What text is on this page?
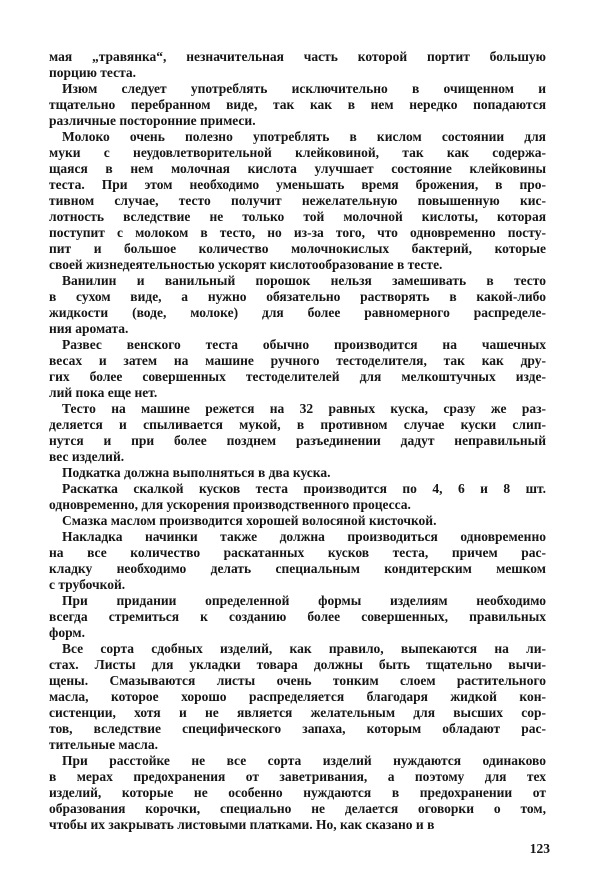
мая „травянка“, незначительная часть которой портит большую
порцию теста.
Изюм следует употреблять исключительно в очищенном и
тщательно перебранном виде, так как в нем нередко попадаются
различные посторонние примеси.
Молоко очень полезно употреблять в кислом состоянии для
муки с неудовлетворительной клейковиной, так как содержа-
щаяся в нем молочная кислота улучшает состояние клейковины
теста. При этом необходимо уменьшать время брожения, в про-
тивном случае, тесто получит нежелательную повышенную кис-
лотность вследствие не только той молочной кислоты, которая
поступит с молоком в тесто, но из-за того, что одновременно посту-
пит и большое количество молочнокислых бактерий, которые
своей жизнедеятельностью ускорят кислотообразование в тесте.
Ванилин и ванильный порошок нельзя замешивать в тесто
в сухом виде, а нужно обязательно растворять в какой-либо
жидкости (воде, молоке) для более равномерного распределе-
ния аромата.
Развес венского теста обычно производится на чашечных
весах и затем на машине ручного тестоделителя, так как дру-
гих более совершенных тестоделителей для мелкоштучных изде-
лий пока еще нет.
Тесто на машине режется на 32 равных куска, сразу же раз-
деляется и спыливается мукой, в противном случае куски слип-
нутся и при более позднем разъединении дадут неправильный
вес изделий.
Подкатка должна выполняться в два куска.
Раскатка скалкой кусков теста производится по 4, 6 и 8 шт.
одновременно, для ускорения производственного процесса.
Смазка маслом производится хорошей волосяной кисточкой.
Накладка начинки также должна производиться одновременно
на все количество раскатанных кусков теста, причем рас-
кладку необходимо делать специальным кондитерским мешком
с трубочкой.
При придании определенной формы изделиям необходимо
всегда стремиться к созданию более совершенных, правильных
форм.
Все сорта сдобных изделий, как правило, выпекаются на ли-
стах. Листы для укладки товара должны быть тщательно вычи-
щены. Смазываются листы очень тонким слоем растительного
масла, которое хорошо распределяется благодаря жидкой кон-
систенции, хотя и не является желательным для высших сор-
тов, вследствие специфического запаха, которым обладают рас-
тительные масла.
При расстойке не все сорта изделий нуждаются одинаково
в мерах предохранения от заветривания, а поэтому для тех
изделий, которые не особенно нуждаются в предохранении от
образования корочки, специально не делается оговорки о том,
чтобы их закрывать листовыми платками. Но, как сказано и в
123
